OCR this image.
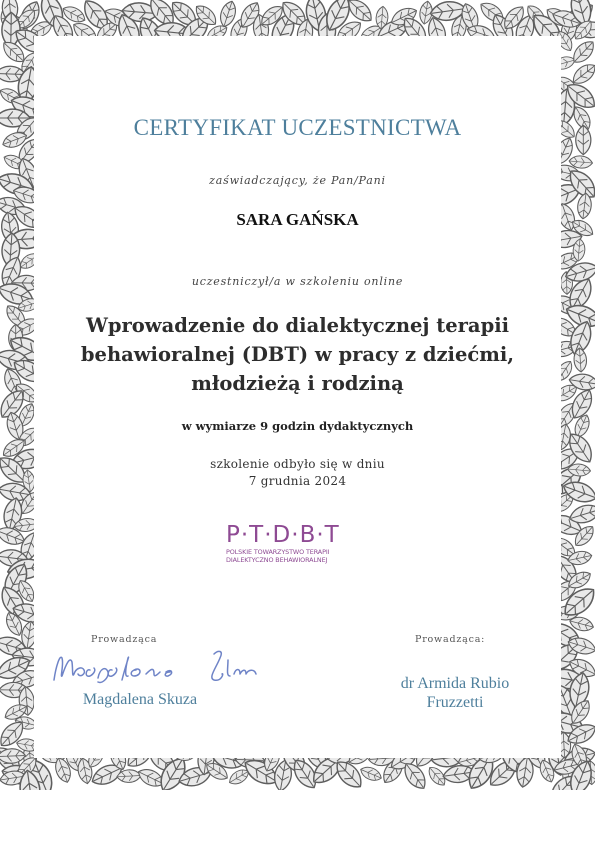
CERTYFIKAT UCZESTNICTWA
zaświadczający, że Pan/Pani
SARA GAŃSKA
uczestniczył/a w szkoleniu online
Wprowadzenie do dialektycznej terapii
behawioralnej (DBT) w pracy z dziećmi,
młodzieżą i rodziną
w wymiarze 9 godzin dydaktycznych
szkolenie odbyło się w dniu
7 grudnia 2024
P·T·D·B·T
POLSKIE TOWARZYSTWO TERAPII
DIALEKTYCZNO BEHAWIORALNEJ
Prowadząca	Prowadząca:
Magdalena Skuza
dr Armida Rubio
Fruzzetti
